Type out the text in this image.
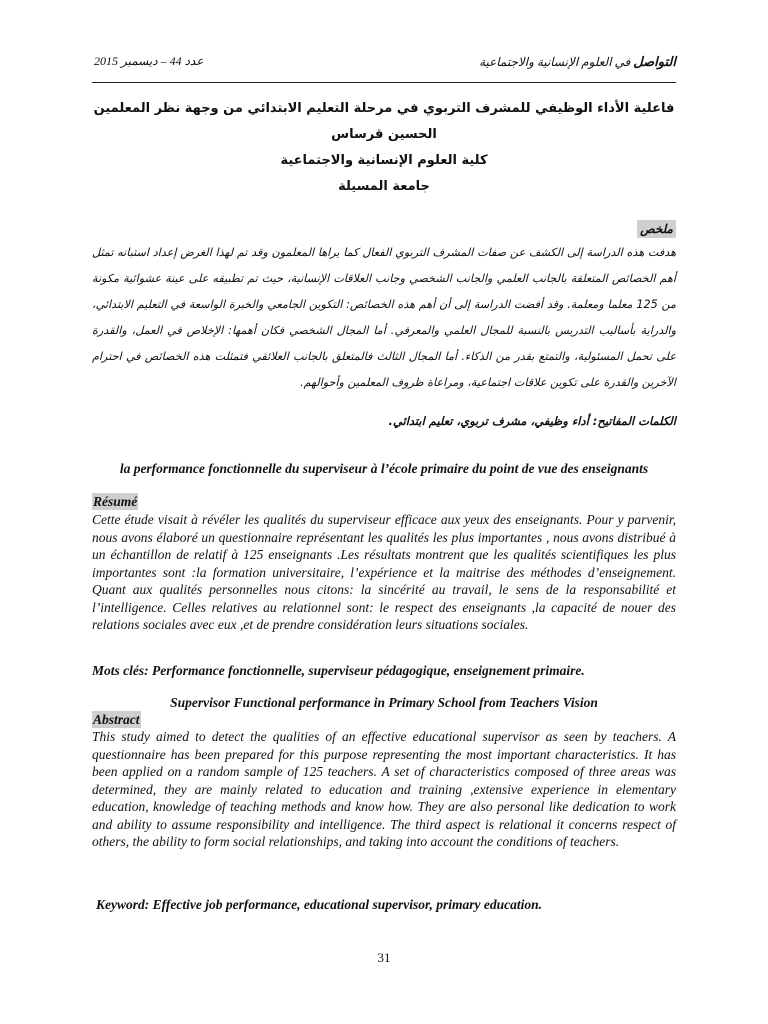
عدد 44 – ديسمبر 2015	التواصل في العلوم الإنسانية والاجتماعية
فاعلية الأداء الوظيفي للمشرف التربوي في مرحلة التعليم الابتدائي من وجهة نظر المعلمين
الحسين قرساس
كلية العلوم الإنسانية والاجتماعية
جامعة المسيلة
ملخص
هدفت هذه الدراسة إلى الكشف عن صفات المشرف التربوي الفعال كما يراها المعلمون وقد تم لهذا الغرض إعداد استبانه تمثل أهم الخصائص المتعلقة بالجانب العلمي والجانب الشخصي وجانب العلاقات الإنسانية، حيث تم تطبيقه على عينة عشوائية مكونة من 125 معلما ومعلمة. وقد أفضت الدراسة إلى أن أهم هذه الخصائص: التكوين الجامعي والخبرة الواسعة في التعليم الابتدائي، والدراية بأساليب التدريس بالنسبة للمجال العلمي والمعرفي. أما المجال الشخصي فكان أهمها: الإخلاص في العمل، والقدرة على تحمل المسئولية، والتمتع بقدر من الذكاء. أما المجال الثالث فالمتعلق بالجانب العلائقي فتمثلت هذه الخصائص في احترام الآخرين والقدرة على تكوين علاقات اجتماعية، ومراعاة ظروف المعلمين وأحوالهم.
الكلمات المفاتيح: أداء وظيفي، مشرف تربوي، تعليم ابتدائي.
la performance fonctionnelle du superviseur à l’école primaire du point de vue des enseignants
Résumé
Cette étude visait à révéler les qualités du superviseur efficace aux yeux des enseignants. Pour y parvenir, nous avons élaboré un questionnaire représentant les qualités les plus importantes , nous avons distribué à un échantillon de relatif à 125 enseignants .Les résultats montrent que les qualités scientifiques les plus importantes sont :la formation universitaire, l’expérience et la maitrise des méthodes d’enseignement. Quant aux qualités personnelles nous citons: la sincérité au travail, le sens de la responsabilité et l’intelligence. Celles relatives au relationnel sont: le respect des enseignants ,la capacité de nouer des relations sociales avec eux ,et de prendre considération leurs situations sociales.
Mots clés: Performance fonctionnelle, superviseur pédagogique, enseignement primaire.
Supervisor Functional performance in Primary School from Teachers Vision
Abstract
This study aimed to detect the qualities of an effective educational supervisor as seen by teachers. A questionnaire has been prepared for this purpose representing the most important characteristics. It has been applied on a random sample of 125 teachers. A set of characteristics composed of three areas was determined, they are mainly related to education and training ,extensive experience in elementary education, knowledge of teaching methods and know how. They are also personal like dedication to work and ability to assume responsibility and intelligence. The third aspect is relational it concerns respect of others, the ability to form social relationships, and taking into account the conditions of teachers.
Keyword: Effective job performance, educational supervisor, primary education.
31
